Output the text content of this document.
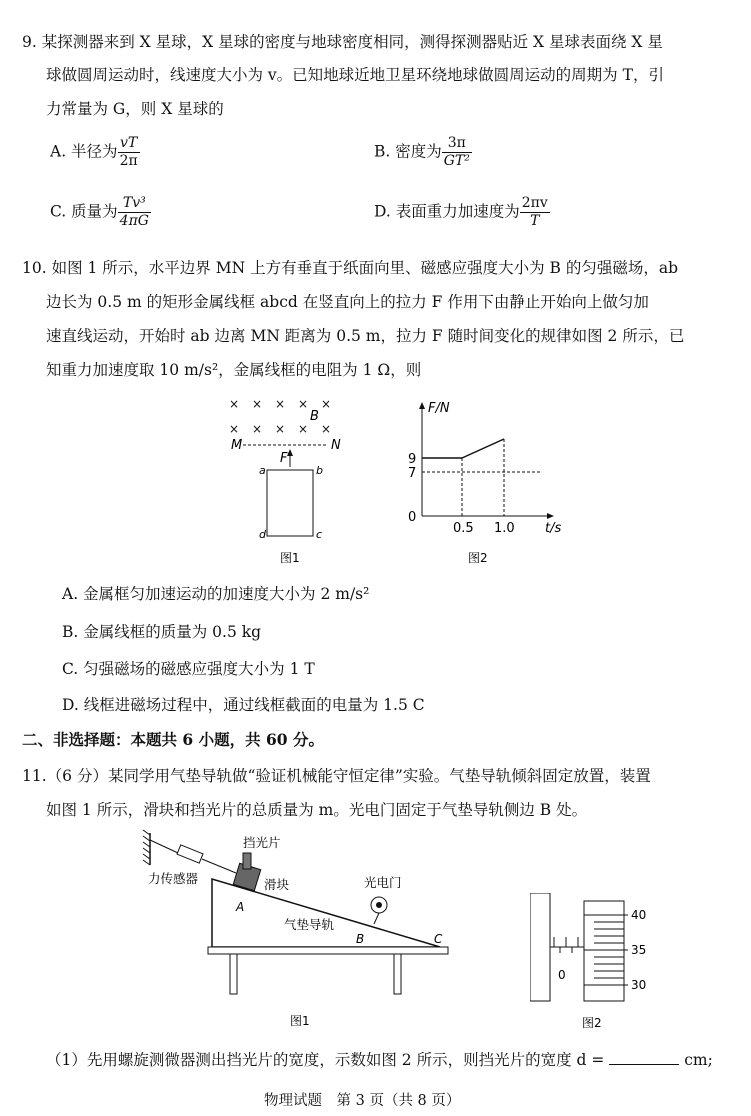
9. 某探测器来到 X 星球，X 星球的密度与地球密度相同，测得探测器贴近 X 星球表面绕 X 星
球做圆周运动时，线速度大小为 v。已知地球近地卫星环绕地球做圆周运动的周期为 T，引
力常量为 G，则 X 星球的
A. 半径为 $\frac{vT}{2\pi}$	B. 密度为 $\frac{3\pi}{\text{GT²}}$
C. 质量为 $\frac{\text{Tv³}}{4\pi G}$	D. 表面重力加速度为 $\frac{2\pi v}{T}$
10. 如图 1 所示，水平边界 MN 上方有垂直于纸面向里、磁感应强度大小为 B 的匀强磁场，ab
边长为 0.5 m 的矩形金属线框 abcd 在竖直向上的拉力 F 作用下由静止开始向上做匀加
速直线运动，开始时 ab 边离 MN 距离为 0.5 m，拉力 F 随时间变化的规律如图 2 所示，已
知重力加速度取 10 m/s²，金属线框的电阻为 1 Ω，则
× × × × ×
× × × × ×
B
M	N
F
a	b
d	c
图1
F/N
t/s
9
7
0
0.5 1.0
图2
A. 金属框匀加速运动的加速度大小为 2 m/s²
B. 金属线框的质量为 0.5 kg
C. 匀强磁场的磁感应强度大小为 1 T
D. 线框进磁场过程中，通过线框截面的电量为 1.5 C
二、非选择题：本题共 6 小题，共 60 分。
11.（6 分）某同学用气垫导轨做“验证机械能守恒定律”实验。气垫导轨倾斜固定放置，装置
如图 1 所示，滑块和挡光片的总质量为 m。光电门固定于气垫导轨侧边 B 处。
力传感器
挡光片
滑块
A
光电门
气垫导轨
B	C
图1
0
40
35
30
图2
（1）先用螺旋测微器测出挡光片的宽度，示数如图 2 所示，则挡光片的宽度 d =	cm;
物理试题　第 3 页（共 8 页）
